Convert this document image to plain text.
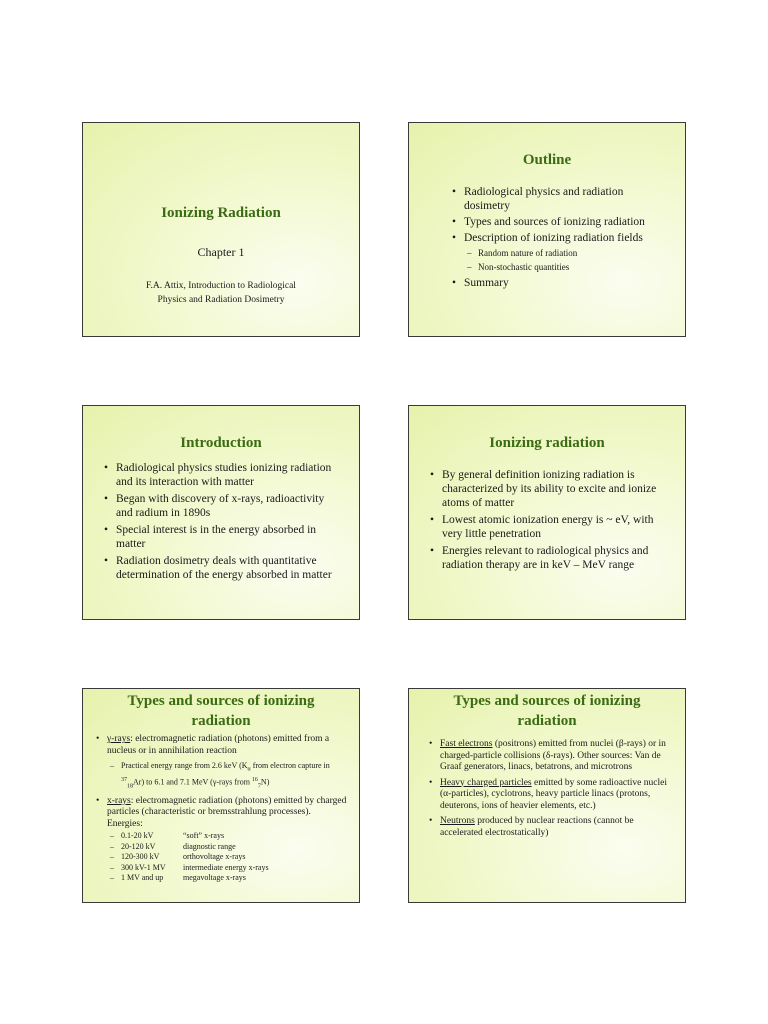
Ionizing Radiation
Chapter 1
F.A. Attix, Introduction to Radiological
Physics and Radiation Dosimetry
Outline
• Radiological physics and radiation dosimetry
• Types and sources of ionizing radiation
• Description of ionizing radiation fields
– Random nature of radiation
– Non-stochastic quantities
• Summary
Introduction
• Radiological physics studies ionizing radiation and its interaction with matter
• Began with discovery of x-rays, radioactivity and radium in 1890s
• Special interest is in the energy absorbed in matter
• Radiation dosimetry deals with quantitative determination of the energy absorbed in matter
Ionizing radiation
• By general definition ionizing radiation is characterized by its ability to excite and ionize atoms of matter
• Lowest atomic ionization energy is ~ eV, with very little penetration
• Energies relevant to radiological physics and radiation therapy are in keV – MeV range
Types and sources of ionizing
radiation
• γ-rays: electromagnetic radiation (photons) emitted from a nucleus or in annihilation reaction
– Practical energy range from 2.6 keV ($K_\alpha$ from electron capture in $^{37}_{18}$Ar) to 6.1 and 7.1 MeV (γ-rays from $^{16}_7$N)
• x-rays: electromagnetic radiation (photons) emitted by charged particles (characteristic or bremsstrahlung processes). Energies:
– 0.1-20 kV	“soft” x-rays
– 20-120 kV	diagnostic range
– 120-300 kV	orthovoltage x-rays
– 300 kV-1 MV	intermediate energy x-rays
– 1 MV and up	megavoltage x-rays
Types and sources of ionizing
radiation
• Fast electrons (positrons) emitted from nuclei (β-rays) or in charged-particle collisions (δ-rays). Other sources: Van de Graaf generators, linacs, betatrons, and microtrons
• Heavy charged particles emitted by some radioactive nuclei (α-particles), cyclotrons, heavy particle linacs (protons, deuterons, ions of heavier elements, etc.)
• Neutrons produced by nuclear reactions (cannot be accelerated electrostatically)
